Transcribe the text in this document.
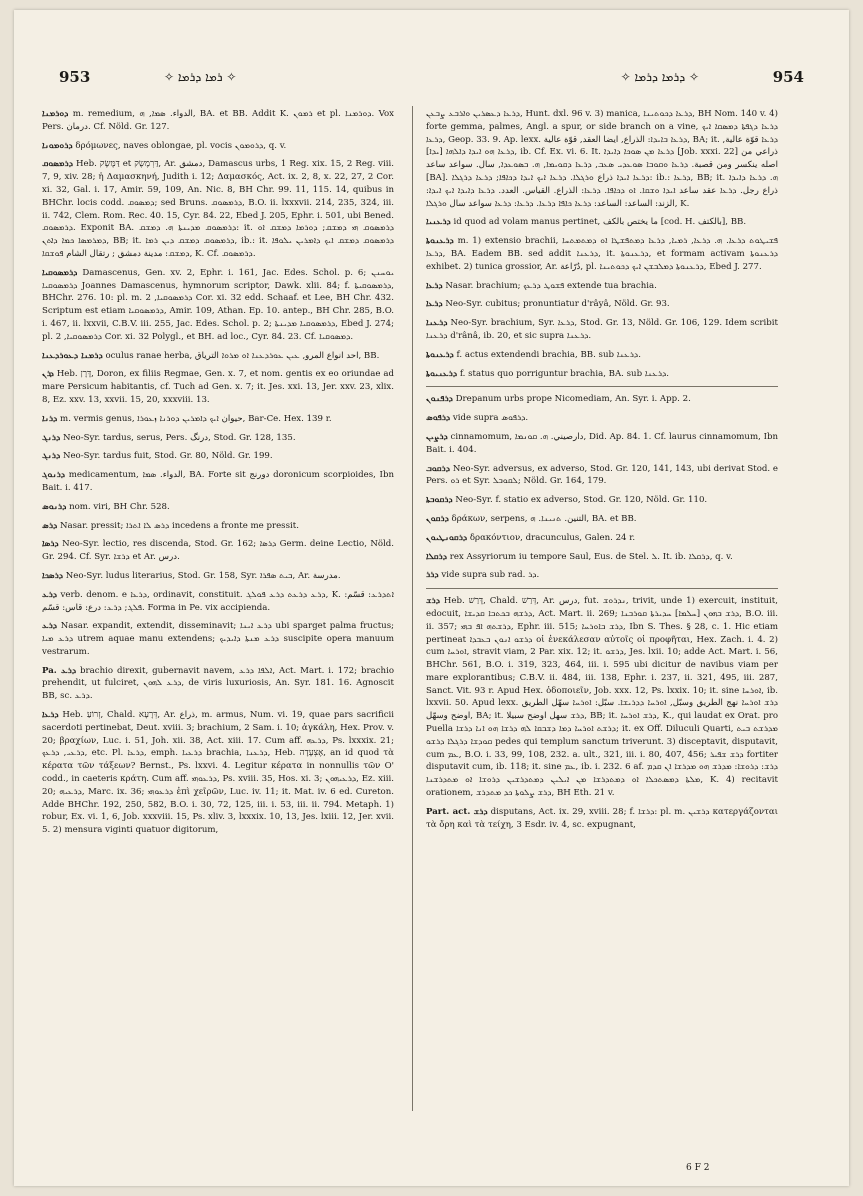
953	✧ ܪܡܐ ܕܪܡܐ ✧	✧ ܕܪܡܐ ܕܪܡܐ ✧	954
ܕܘܪܡܢܐ m. remedium, الدواء. ܣܡܐ, ܗ, BA. et BB. Addit K. ܪܡܘܢ et pl. ܕܘܪܡܢܐ. Vox Pers. درمان. Cf. Nöld. Gr. 127.
ܕܪܘܡܘܢܐ δρόμωνες, naves oblongae, pl. vocis ܕܪܘܡܘܢ, q. v.
ܕܪܡܣܘܩ Heb. דַּמֶּשֶׂק et דַּרְמֶשֶׂק, Ar. دمشق, Damascus urbs, 1 Reg. xix. 15, 2 Reg. viii. 7, 9, xiv. 28; ἡ Δαμασκηνή, Judith i. 12; Δαμασκός, Act. ix. 2, 8, x. 22, 27, 2 Cor. xi. 32, Gal. i. 17, Amir. 59, 109, An. Nic. 8, BH Chr. 99. 11, 115. 14, quibus in BHChr. locis codd. ܕܡܣܘܩ; sed Bruns. ܕܪܡܣܘܩ, B.O. ii. lxxxvii. 214, 235, 324, iii. ii. 742, Clem. Rom. Rec. 40. 15, Cyr. 84. 22, Ebed J. 205, Ephr. i. 501, ubi Bened. ܕܪܡܣܘܩ. Exponit BA. ܕܪܡܣܘܩ ܡܕܝܢܬܐ ܗ. ܕܡܫܩ: it. ܕܪܡܣܘܩ ܗܝ ܕܡܫܩ; ܕܘܪܡܐ ܕܡܫܩ ܐܘ ܕܡܪܡܣܐ ܟܡܐ ܕܐܬܢ, BB; it. ܕܪܡܣܘܩ ܕܡܫܩ ܕܝܢ ܪܡܐ, ib.: it. ܕܪܡܣܘܩ ܕܡܫܩ ܐܝܟ ܕܐܡܪܝܢ ܝܠܘܦܐ ܕܡܫܩ: مدينة دمشق ; رتقال الشام ܦܘܫܩܐ, K. Cf. ܕܪܡܣܘܩ.
ܕܪܡܣܘܩܝܐ Damascenus, Gen. xv. 2, Ephr. i. 161, Jac. Edes. Schol. p. 6; ܝܘܚܢܢ ܕܪܡܣܘܩܝܐ Joannes Damascenus, hymnorum scriptor, Dawk. xlii. 84; f. ܕܪܡܣܘܩܝܬܐ, BHChr. 276. 10: pl. m. ܕܪܡܣܘܩܝܐ, 2 Cor. xi. 32 edd. Schaaf. et Lee, BH Chr. 432. Scriptum est etiam ܕܪܡܣܘܩܝܐ, Amir. 109, Athan. Ep. 10. antep., BH Chr. 285, B.O. i. 467, ii. lxxvii, C.B.V. iii. 255, Jac. Edes. Schol. p. 2; ܕܪܡܣܘܩܝܐ ܡܕܝܢܬܐ, Ebed J. 274; pl. ܕܪܡܣܘܩܝܐ, 2 Cor. xi. 32 Polygl., et BH. ad loc., Cyr. 84. 23. Cf. ܕܡܣܘܩܝܐ.
ܕܪܡܢܐ ܕܥܘܪܕܥܢܐ oculus ranae herba, احد انواع المرو, ܥܝܢ ܥܘܪܕܥܢܐ ܐܘ ܡܪܘܐ الترياق, BB.
ܕܪܢ Heb. דָּרָן, Doron, ex filiis Regmae, Gen. x. 7, et nom. gentis ex eo oriundae ad mare Persicum habitantis, cf. Tuch ad Gen. x. 7; it. Jes. xxi. 13, Jer. xxv. 23, xlix. 8, Ez. xxv. 13, xxvii. 15, 20, xxxviii. 13.
ܕܪܢܐ m. vermis genus, حيوان ܐܝܟ ܕܐܡܪܝܢ ܕܘܪܢܐ ܙܥܘܪܐ, Bar-Ce. Hex. 139 r.
ܕܪܢܓ Neo-Syr. tardus, serus, Pers. درنگ, Stod. Gr. 128, 135.
ܕܪܢܓ Neo-Syr. tardus fuit, Stod. Gr. 80, Nöld. Gr. 199.
ܕܪܢܘܓ medicamentum, الدواء. ܣܡܐ, BA. Forte sit دورنج doronicum scorpioides, Ibn Bait. i. 417.
ܕܪܢܘܣ nom. viri, BH Chr. 528.
ܕܪܣ Nasar. pressit; ܕܪܣ ܠܐ ܐܬܪܐ incedens a fronte me pressit.
ܕܪܣܐ Neo-Syr. lectio, res discenda, Stod. Gr. 162; ܕܪܣܐ Germ. deine Lectio, Nöld. Gr. 294. Cf. Syr. ܕܪܫܐ et Ar. درس.
ܕܪܣܟܐ Neo-Syr. ludus literarius, Stod. Gr. 158, Syr. ܒܝܬ ܣܦܪܐ, Ar. مدرسة.
ܕܪܥ verb. denom. e ܕܪܥܐ, ordinavit, constituit. ܕܪܥ ܕܪܥܬ ܕܪܥ ܦܘܠܓ, K. ܐܬܕܪܥ: قسّم: ܦܠܓ; ܕܪܥ: درع: قاس: قسّم. Forma in Pe. vix accipienda.
ܕܪܥ Nasar. expandit, extendit, disseminavit; ܕܪܥ ܐܝܢܐ ubi sparget palma fructus; ܕܪܥ ܡܝܐ utrem aquae manu extendens; ܕܪܥ ܡܢܬܐ ܕܐܝܕܝܟ suscipite opera manuum vestrarum.
Pa. ܕܪܥ brachio direxit, gubernavit navem, ܐܠܦܐ ܕܪܥ, Act. Mart. i. 172; brachio prehendit, ut fulciret, ܕܪܥ ܠܗܘܢ, de viris luxuriosis, An. Syr. 181. 16. Agnoscit BB, sc. ܕܪܥ.
ܕܪܥܐ Heb. זְרוֹעַ, Chald. דְּרָעָא, Ar. ذراع, m. armus, Num. vi. 19, quae pars sacrificii sacerdoti pertinebat, Deut. xviii. 3; brachium, 2 Sam. i. 10; ἀγκάλη, Hex. Prov. v. 20; βραχίων, Luc. i. 51, Joh. xii. 38, Act. xiii. 17. Cum aff. ܕܪܥܗ, Ps. lxxxix. 21; ܕܪܥܝ, ܕܪܥܟ, etc. Pl. ܕܪܥܐ, emph. ܕܪܥܝܐ brachia, ܕܪܥܢܐ, Heb. אֶצְעָדָה, an id quod τὰ κέρατα τῶν τάξεων? Bernst., Ps. lxxvi. 4. Legitur κέρατα in nonnullis τῶν O' codd., in caeteris κράτη. Cum aff. ܕܪܥܘܗܝ, Ps. xviii. 35, Hos. xi. 3; ܕܪܥܝܗܘܢ, Ez. xiii. 20; ܕܪܥܝܗ, Marc. ix. 36; ܕܪܥܘܗܝ ἐπὶ χεῖρῶν, Luc. iv. 11; it. Mat. iv. 6 ed. Cureton. Adde BHChr. 192, 250, 582, B.O. i. 30, 72, 125, iii. i. 53, iii. ii. 794. Metaph. 1) robur, Ex. vi. 1, 6, Job. xxxviii. 15, Ps. xliv. 3, lxxxix. 10, 13, Jes. lxiii. 12, Jer. xvii. 5. 2) mensura viginti quatuor digitorum,
ܕܪܥܐ ܕܥܣܪܝܢ ܘܐܪܒܥ ܨܒܥܢ, Hunt. dxl. 96 v. 3) manica, ܕܪܥܐ ܕܟܘܬܝܢܐ, BH Nom. 140 v. 4) forte gemma, palmes, Angl. a spur, or side branch on a vine, ܕܪܥܐ ܕܓܦܬܐ ܕܡܣܩܐ ܐܝܟ ܕܪܥܐ, Geop. 33. 9. Ap. lexx. ܕܪܥܐ ܒܐܝܕܐ: الذراع, ايضا العقد, قوّة عالية, BA; it. ܕܪܥܐ قوّة عالية, ܕܪܥܐ ܗܘ ܐܝܕܐ ܕܐܠܗܐ [ܝܕܐ], ib. Cf. Ex. vi. 6. It. ܕܪܥܐ ܡܢ ܣܘܟܐ ܕܐܝܕܐ [Job. xxxi. 22] ذراعي من اصله ينكسر ومن قصبة. ܕܪܥܐ ܘܩܘܒܐ ܣܘܥܕܝ ܣܥܒ, ܕܪܥܐ ܕܩܘܝܡܐ, ܗ. ܒܣܘܥܕܐ, سال. سواعد ساعد [BA]. ܕܪܥܐ ܐܝܕܐ ذراع ܘܪܓܠܐ. ܕܪܥܐ ܐܝܟ ܐܝܕܐ ܕܟܐܦܐ; ܕܪܥܐ ܕܪܓܠܐ: ib.: ܕܪܥܐ, BB; it. ܗ. ܕܪܥܐ ܕܐܝܕܐ ذراع رجل. ܕܪܥܐ عقد ساعد ܐܝܕܐ ܘܫܩܐ. ܐܘ ܕܟܐܦܐ. ܕܪܥܐ: الذراع. القياس. العدد. ܕܪܥܐ ܕܐܝܕܐ ܐܝܟ ܐܝܕܐ: الزند: الساعد: الساعد: ܕܪܥܐ ܟܐܦܐ ܕܪܥܐ. ܕܪܥܐ: ܕܪܥܐ سواعد سال ܘܪܓܠܐ, K.
ܕܪܥܢܝܐ id quod ad volam manus pertinet, ما يختص بالكف [cod. H. بالكتف], BB.
ܕܪܥܢܘܬܐ m. 1) extensio brachii, ܦܫܝܛܘܬ ܕܪܥܐ. ܗ. ܕܪܥܐ, ܪܡܝܐ, ܕܪܥܐ ܕܡܬܦܫܛܐ ܐܘ ܕܡܬܡܬܚܐ ܕܪܥܐ, BA. Eadem BB. sed addit ܕܪܥܢܐ, it. ܕܪܥܢܘܬܐ, et formam activam ܕܪܥܢܘܬܐ exhibet. 2) tunica grossior, Ar. دُرّاعة, pl. ܕܪܥܢܘܬܐ ܕܡܠܒܫܢ ܐܝܟ ܕܟܘܬܝܢܐ, Ebed J. 277.
ܕܪܥܐ Nasar. brachium; ܦܫܘܛ ܕܪܥܟ extende tua brachia.
ܕܪܥܐ Neo-Syr. cubitus; pronuntiatur d'râyâ, Nöld. Gr. 93.
ܕܪܥܢܐ Neo-Syr. brachium, Syr. ܕܪܥܐ, Stod. Gr. 13, Nöld. Gr. 106, 129. Idem scribit ܕܪܥܢܐ d'rânâ, ib. 20, et sic supra ܕܪܥܢܐ.
ܕܪܥܢܘܬܐ f. actus extendendi brachia, BB. sub ܕܪܥܢܐ.
ܕܪܥܢܝܘܬܐ f. status quo porriguntur brachia, BA. sub ܕܪܥܢܐ.
ܕܪܦܢܘܢ Drepanum urbs prope Nicomediam, An. Syr. i. App. 2.
ܕܪܦܘܣ vide supra ܕܪܦܘܣ.
ܕܪܨܝܢ cinnamomum, دارصيني. ܗ. ܩܘܢܡܐ, Did. Ap. 84. 1. Cf. laurus cinnamomum, Ibn Bait. i. 404.
ܕܪܩܘܒ Neo-Syr. adversus, ex adverso, Stod. Gr. 120, 141, 143, ubi derivat Stod. e Pers. ܪܘ et Syr. ܠܩܘܒܠ; Nöld. Gr. 164, 179.
ܕܪܩܘܒܬܐ Neo-Syr. f. statio ex adverso, Stod. Gr. 120, Nöld. Gr. 110.
ܕܪܩܘܢ δράκων, serpens, التنين. ܬܢܝܢܐ. ܗ, BA. et BB.
ܕܪܩܘܢܛܝܘܢ δρακόντιον, dracunculus, Galen. 24 r.
ܕܪܩܠܐ rex Assyriorum iu tempore Saul, Eus. de Stel. ܠ. It. ib. ܕܪܩܠܐ, q. v.
ܕܪܪ vide supra sub rad. ܕܪ.
ܕܪܫ Heb. דָּרַשׁ, Chald. דְּרַשׁ, Ar. درس, fut. ܢܕܪܘܫ, trivit, unde 1) exercuit, instituit, edocuit, ܕܪܫܗ ܒܟܬܒܐ ܩܕܝܫܐ, Act. Mart. ii. 269; ܕܪܫ ܒܗܘܢ [ܚܠܡܐ] ܚܕܝܪܬܐ ܩܘܪܒܢܐ, B.O. iii. ii. 357; ܕܪܫܬܗ ܐܦ ܒܗܝ, Ephr. iii. 515; ܕܪܫ ܒܐܘܪܚܐ, Ibn S. Thes. § 28, c. 1. Hic etiam pertineat ܕܪܫܘ ܐܢܘܢ ܒܥܒܕܐ οἱ ἐνεκάλεσαν αὐτοῖς οἱ προφῆται, Hex. Zach. i. 4. 2) cum ܐܘܪܚܐ, stravit viam, 2 Par. xix. 12; it. ܕܪܫܘ, Jes. lxii. 10; adde Act. Mart. i. 56, BHChr. 561, B.O. i. 319, 323, 464, iii. i. 595 ubi dicitur de navibus viam per mare explorantibus; C.B.V. ii. 484, iii. 138, Ephr. i. 237, ii. 321, 495, iii. 287, Sanct. Vit. 93 r. Apud Hex. ὁδοποιεῖν, Job. xxx. 12, Ps. lxxix. 10; it. sine ܐܘܪܚܐ, ib. lxxvii. 50. Apud lexx. ܕܪܫ ܐܘܪܚܐ نهج الطريق وسبّل, ܐܘܪܚܐ ܕܕܪܝܫܐ. سبّل: ܐܘܪܚܐ سهّل الطريق اوضح وسهّل, BA; it. ܕܪܫ سهل اوضح سبيلا, BB; it. ܕܪܫ ܐܘܪܚܐ, K., qui laudat ex Orat. pro Puella ܕܪܫܬ ܐܘܪܚܐ ܕܡܐ ܕܫܒܩܐ ܠܗ ܕܪܫܐ ܗܘ ܐܢܐ ܕܪܫܐ; it. ex Off. Diluculi Quarti, ܡܕܪܫܬ ܒܝܬ ܩܘܕܫܐ ܕܪܓܠܐ ܕܪܫܘ pedes qui templum sanctum triverunt. 3) disceptavit, disputavit, cum ܥܡ, B.O. i. 33, 99, 108, 232. a. ult., 321, iii. i. 80, 407, 456; ܕܪܫ ܫܦܝܪ fortiter disputavit cum, ib. 118; it. sine ܥܡ, ib. i. 232. 6 af. ܕܪܫ: ܕܪܘܫܐ: ܡܕܪܫ ܗܘ ܡܕܪܫܐ ܐܢ ܩܕܡ ܡܠܬܐ ܕܡܣܬܟܠܐ ܐܘ ܕܡܬܕܪܫܐ ܡܢ ܐܝܠܝܢ ܕܡܬܕܪܫܝܢ ܕܪܘܫܐ ܐܘ ܡܬܕܪܫܢܐ, K. 4) recitavit orationem, ܕܪܫ ܨܠܘܬܐ ܟܕ ܡܬܕܪܫ, BH Eth. 21 v.
Part. act. ܕܪܫ disputans, Act. ix. 29, xviii. 28; f. ܕܪܫܐ: pl. m. ܕܪܫܝܢ κατεργάζονται τὰ ὄρη καὶ τὰ τείχη, 3 Esdr. iv. 4, sc. expugnant,
6 F 2
